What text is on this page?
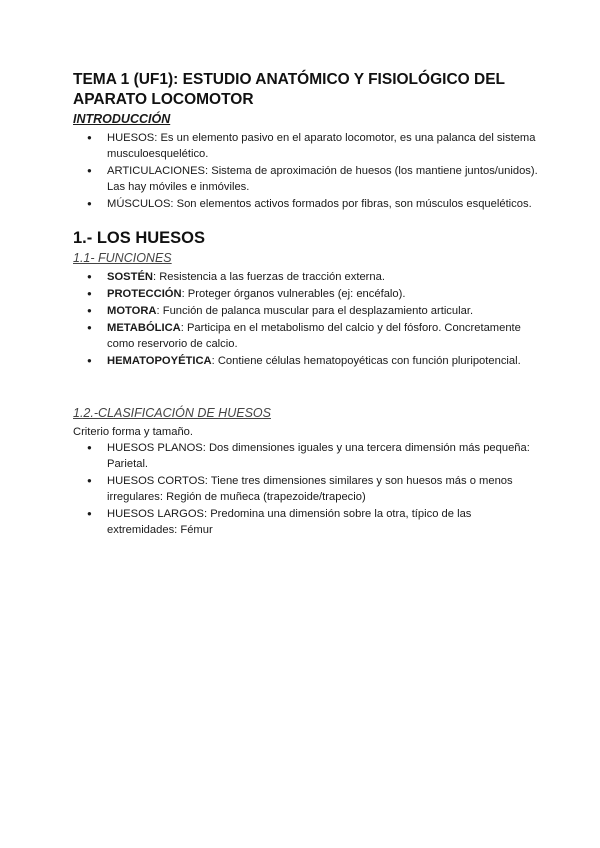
TEMA 1 (UF1): ESTUDIO ANATÓMICO Y FISIOLÓGICO DEL APARATO LOCOMOTOR
INTRODUCCIÓN
● HUESOS: Es un elemento pasivo en el aparato locomotor, es una palanca del sistema musculoesquelético.
● ARTICULACIONES: Sistema de aproximación de huesos (los mantiene juntos/unidos). Las hay móviles e inmóviles.
● MÚSCULOS: Son elementos activos formados por fibras, son músculos esqueléticos.
1.- LOS HUESOS
1.1- FUNCIONES
● SOSTÉN: Resistencia a las fuerzas de tracción externa.
● PROTECCIÓN: Proteger órganos vulnerables (ej: encéfalo).
● MOTORA: Función de palanca muscular para el desplazamiento articular.
● METABÓLICA: Participa en el metabolismo del calcio y del fósforo. Concretamente como reservorio de calcio.
● HEMATOPOYÉTICA: Contiene células hematopoyéticas con función pluripotencial.
1.2.-CLASIFICACIÓN DE HUESOS

Criterio forma y tamaño.

● HUESOS PLANOS: Dos dimensiones iguales y una tercera dimensión más pequeña: Parietal.
● HUESOS CORTOS: Tiene tres dimensiones similares y son huesos más o menos irregulares: Región de muñeca (trapezoide/trapecio)
● HUESOS LARGOS: Predomina una dimensión sobre la otra, típico de las extremidades: Fémur
